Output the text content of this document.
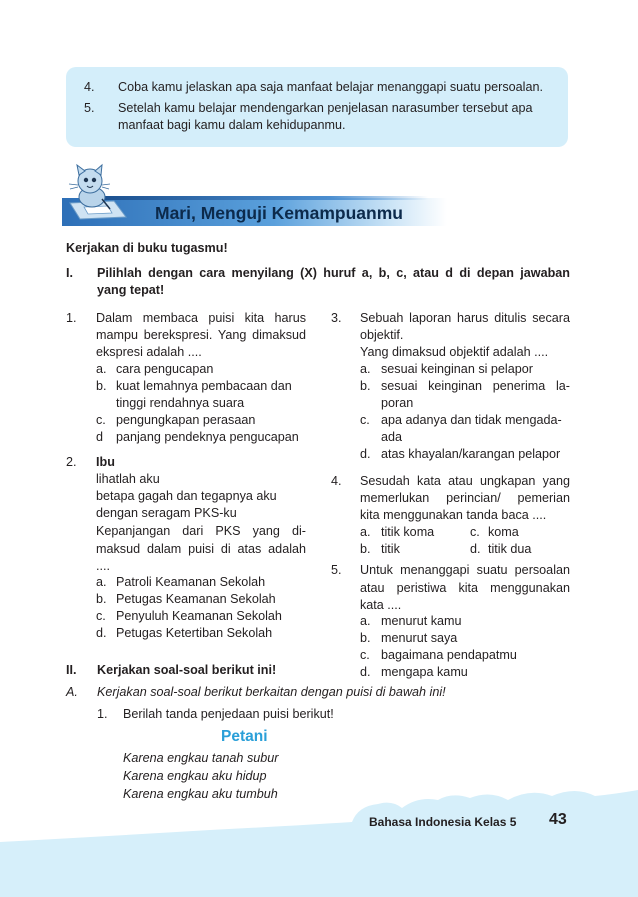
4. Coba kamu jelaskan apa saja manfaat belajar menanggapi suatu persoalan.
5. Setelah kamu belajar mendengarkan penjelasan narasumber tersebut apa
manfaat bagi kamu dalam kehidupanmu.
Mari, Menguji Kemampuanmu
Kerjakan di buku tugasmu!
I. Pilihlah dengan cara menyilang (X) huruf a, b, c, atau d di depan jawaban
yang tepat!
1. Dalam membaca puisi kita harus
mampu berekspresi. Yang dimaksud
ekspresi adalah ....
a. cara pengucapan
b. kuat lemahnya pembacaan dan
tinggi rendahnya suara
c. pengungkapan perasaan
d panjang pendeknya pengucapan
2. Ibu
lihatlah aku
betapa gagah dan tegapnya aku
dengan seragam PKS-ku
Kepanjangan dari PKS yang di-
maksud dalam puisi di atas adalah
....
a. Patroli Keamanan Sekolah
b. Petugas Keamanan Sekolah
c. Penyuluh Keamanan Sekolah
d. Petugas Ketertiban Sekolah
3. Sebuah laporan harus ditulis secara
objektif.
Yang dimaksud objektif adalah ....
a. sesuai keinginan si pelapor
b. sesuai keinginan penerima la-
poran
c. apa adanya dan tidak mengada-
ada
d. atas khayalan/karangan pelapor
4. Sesudah kata atau ungkapan yang
memerlukan perincian/ pemerian
kita menggunakan tanda baca ....
a. titik koma	c. koma
b. titik	d. titik dua
5. Untuk menanggapi suatu persoalan
atau peristiwa kita menggunakan
kata ....
a. menurut kamu
b. menurut saya
c. bagaimana pendapatmu
d. mengapa kamu
II. Kerjakan soal-soal berikut ini!
A. Kerjakan soal-soal berikut berkaitan dengan puisi di bawah ini!
1. Berilah tanda penjedaan puisi berikut!
Petani
Karena engkau tanah subur
Karena engkau aku hidup
Karena engkau aku tumbuh
Bahasa Indonesia Kelas 5 43
